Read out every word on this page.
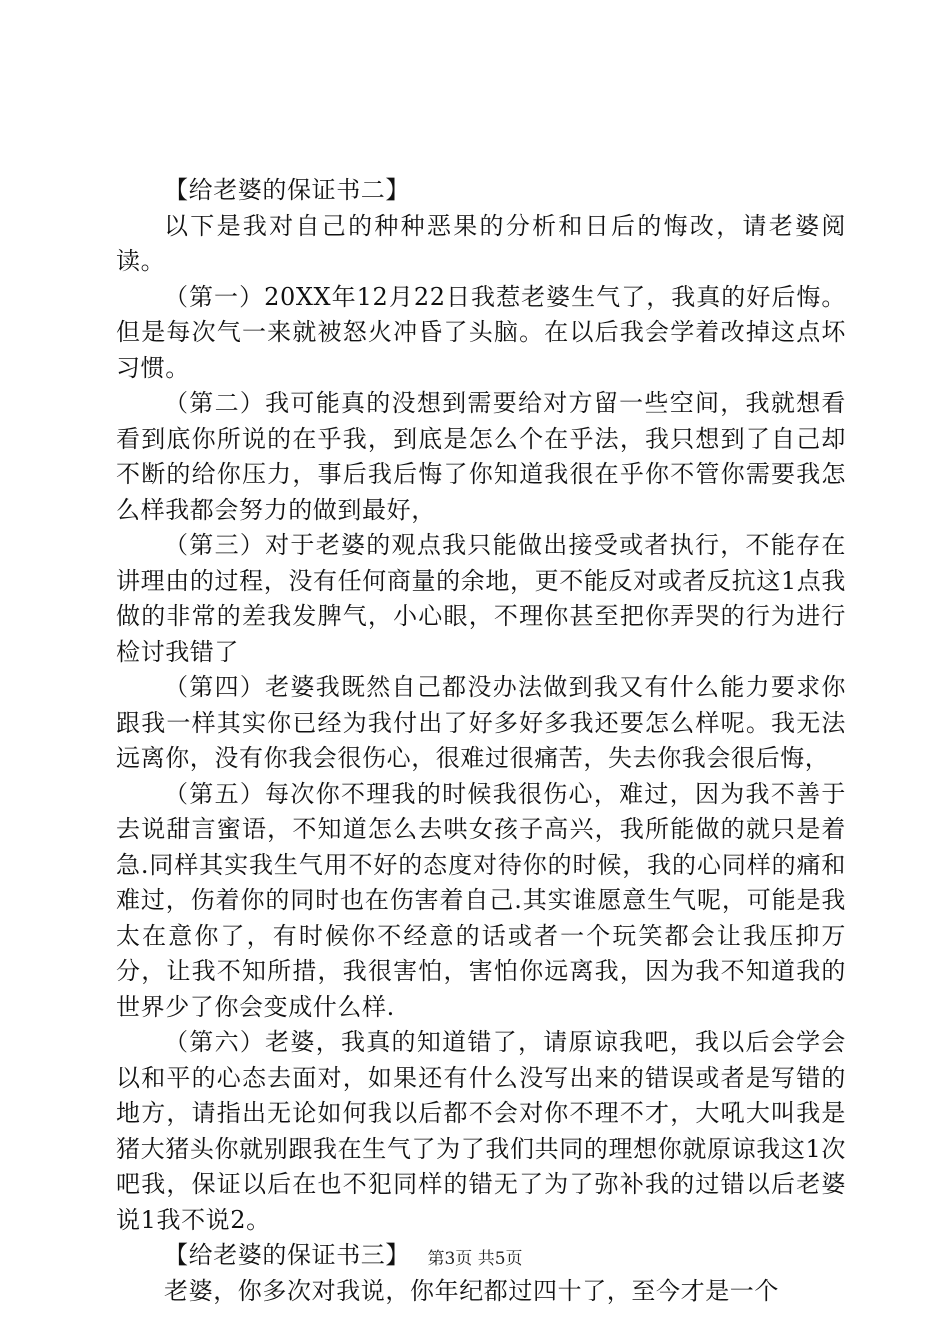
【给老婆的保证书二】

以下是我对自己的种种恶果的分析和日后的悔改，请老婆阅读。

（第一）20XX年12月22日我惹老婆生气了，我真的好后悔。但是每次气一来就被怒火冲昏了头脑。在以后我会学着改掉这点坏习惯。

（第二）我可能真的没想到需要给对方留一些空间，我就想看看到底你所说的在乎我，到底是怎么个在乎法，我只想到了自己却不断的给你压力，事后我后悔了你知道我很在乎你不管你需要我怎么样我都会努力的做到最好，

（第三）对于老婆的观点我只能做出接受或者执行，不能存在讲理由的过程，没有任何商量的余地，更不能反对或者反抗这1点我做的非常的差我发脾气，小心眼，不理你甚至把你弄哭的行为进行检讨我错了

（第四）老婆我既然自己都没办法做到我又有什么能力要求你跟我一样其实你已经为我付出了好多好多我还要怎么样呢。我无法远离你，没有你我会很伤心，很难过很痛苦，失去你我会很后悔，

（第五）每次你不理我的时候我很伤心，难过，因为我不善于去说甜言蜜语，不知道怎么去哄女孩子高兴，我所能做的就只是着急.同样其实我生气用不好的态度对待你的时候，我的心同样的痛和难过，伤着你的同时也在伤害着自己.其实谁愿意生气呢，可能是我太在意你了，有时候你不经意的话或者一个玩笑都会让我压抑万分，让我不知所措，我很害怕，害怕你远离我，因为我不知道我的世界少了你会变成什么样.

（第六）老婆，我真的知道错了，请原谅我吧，我以后会学会以和平的心态去面对，如果还有什么没写出来的错误或者是写错的地方，请指出无论如何我以后都不会对你不理不才，大吼大叫我是猪大猪头你就别跟我在生气了为了我们共同的理想你就原谅我这1次吧我，保证以后在也不犯同样的错无了为了弥补我的过错以后老婆说1我不说2。

【给老婆的保证书三】

老婆，你多次对我说，你年纪都过四十了，至今才是一个

第3页 共5页
